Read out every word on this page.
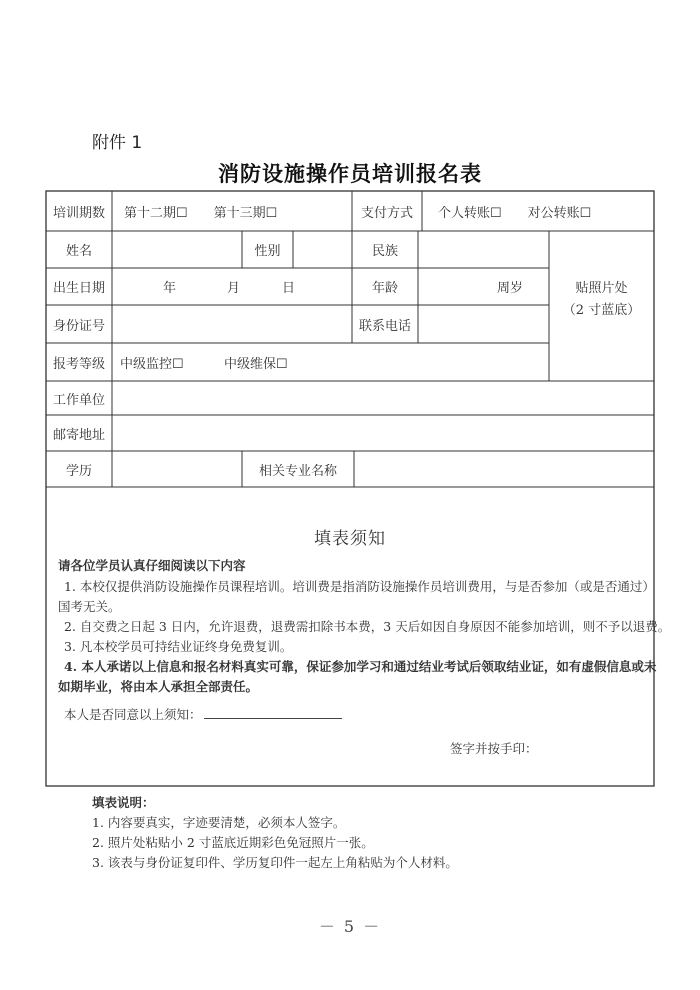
附件 1
消防设施操作员培训报名表
培训期数	第十二期☐　　第十三期☐	支付方式	个人转账☐　　对公转账☐
姓名	性别	民族
出生日期	年	月	日	年龄	周岁
身份证号	联系电话
贴照片处
（2 寸蓝底）
报考等级	中级监控☐	中级维保☐
工作单位
邮寄地址
学历	相关专业名称
填表须知
请各位学员认真仔细阅读以下内容
1. 本校仅提供消防设施操作员课程培训。培训费是指消防设施操作员培训费用，与是否参加（或是否通过）
国考无关。
2. 自交费之日起 3 日内，允许退费，退费需扣除书本费，3 天后如因自身原因不能参加培训，则不予以退费。
3. 凡本校学员可持结业证终身免费复训。
4. 本人承诺以上信息和报名材料真实可靠，保证参加学习和通过结业考试后领取结业证，如有虚假信息或未
如期毕业，将由本人承担全部责任。
本人是否同意以上须知：
签字并按手印：
填表说明：
1. 内容要真实，字迹要清楚，必须本人签字。
2. 照片处粘贴小 2 寸蓝底近期彩色免冠照片一张。
3. 该表与身份证复印件、学历复印件一起左上角粘贴为个人材料。
－ 5 －
